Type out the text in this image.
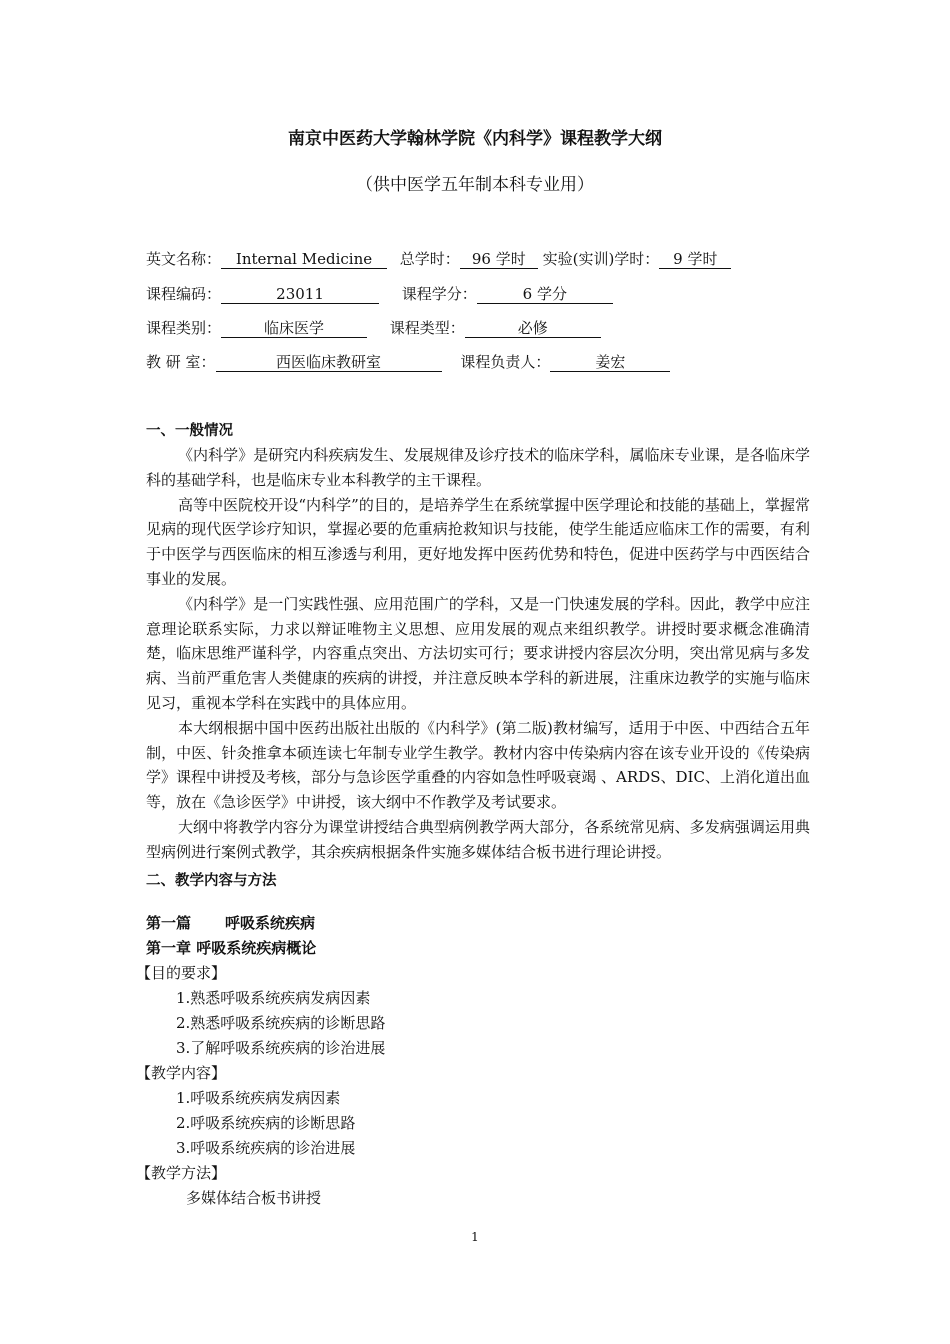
南京中医药大学翰林学院《内科学》课程教学大纲
（供中医学五年制本科专业用）
英文名称： Internal Medicine 总学时： 96 学时 实验(实训)学时： 9 学时
课程编码：	23011	课程学分：	6 学分
课程类别：	临床医学	课程类型：	必修
教 研 室：	西医临床教研室	课程负责人：	姜宏

一、一般情况

《内科学》是研究内科疾病发生、发展规律及诊疗技术的临床学科，属临床专业课，是各临床学科的基础学科，也是临床专业本科教学的主干课程。

高等中医院校开设“内科学”的目的，是培养学生在系统掌握中医学理论和技能的基础上，掌握常见病的现代医学诊疗知识，掌握必要的危重病抢救知识与技能，使学生能适应临床工作的需要，有利于中医学与西医临床的相互渗透与利用，更好地发挥中医药优势和特色，促进中医药学与中西医结合事业的发展。

《内科学》是一门实践性强、应用范围广的学科，又是一门快速发展的学科。因此，教学中应注意理论联系实际，力求以辩证唯物主义思想、应用发展的观点来组织教学。讲授时要求概念准确清楚，临床思维严谨科学，内容重点突出、方法切实可行；要求讲授内容层次分明，突出常见病与多发病、当前严重危害人类健康的疾病的讲授，并注意反映本学科的新进展，注重床边教学的实施与临床见习，重视本学科在实践中的具体应用。

本大纲根据中国中医药出版社出版的《内科学》(第二版)教材编写，适用于中医、中西结合五年制，中医、针灸推拿本硕连读七年制专业学生教学。教材内容中传染病内容在该专业开设的《传染病学》课程中讲授及考核，部分与急诊医学重叠的内容如急性呼吸衰竭 、ARDS、DIC、上消化道出血等，放在《急诊医学》中讲授，该大纲中不作教学及考试要求。

大纲中将教学内容分为课堂讲授结合典型病例教学两大部分，各系统常见病、多发病强调运用典型病例进行案例式教学，其余疾病根据条件实施多媒体结合板书进行理论讲授。

二、教学内容与方法

第一篇 呼吸系统疾病
第一章 呼吸系统疾病概论
【目的要求】
1.熟悉呼吸系统疾病发病因素
2.熟悉呼吸系统疾病的诊断思路
3.了解呼吸系统疾病的诊治进展
【教学内容】
1.呼吸系统疾病发病因素
2.呼吸系统疾病的诊断思路
3.呼吸系统疾病的诊治进展
【教学方法】
多媒体结合板书讲授
1
